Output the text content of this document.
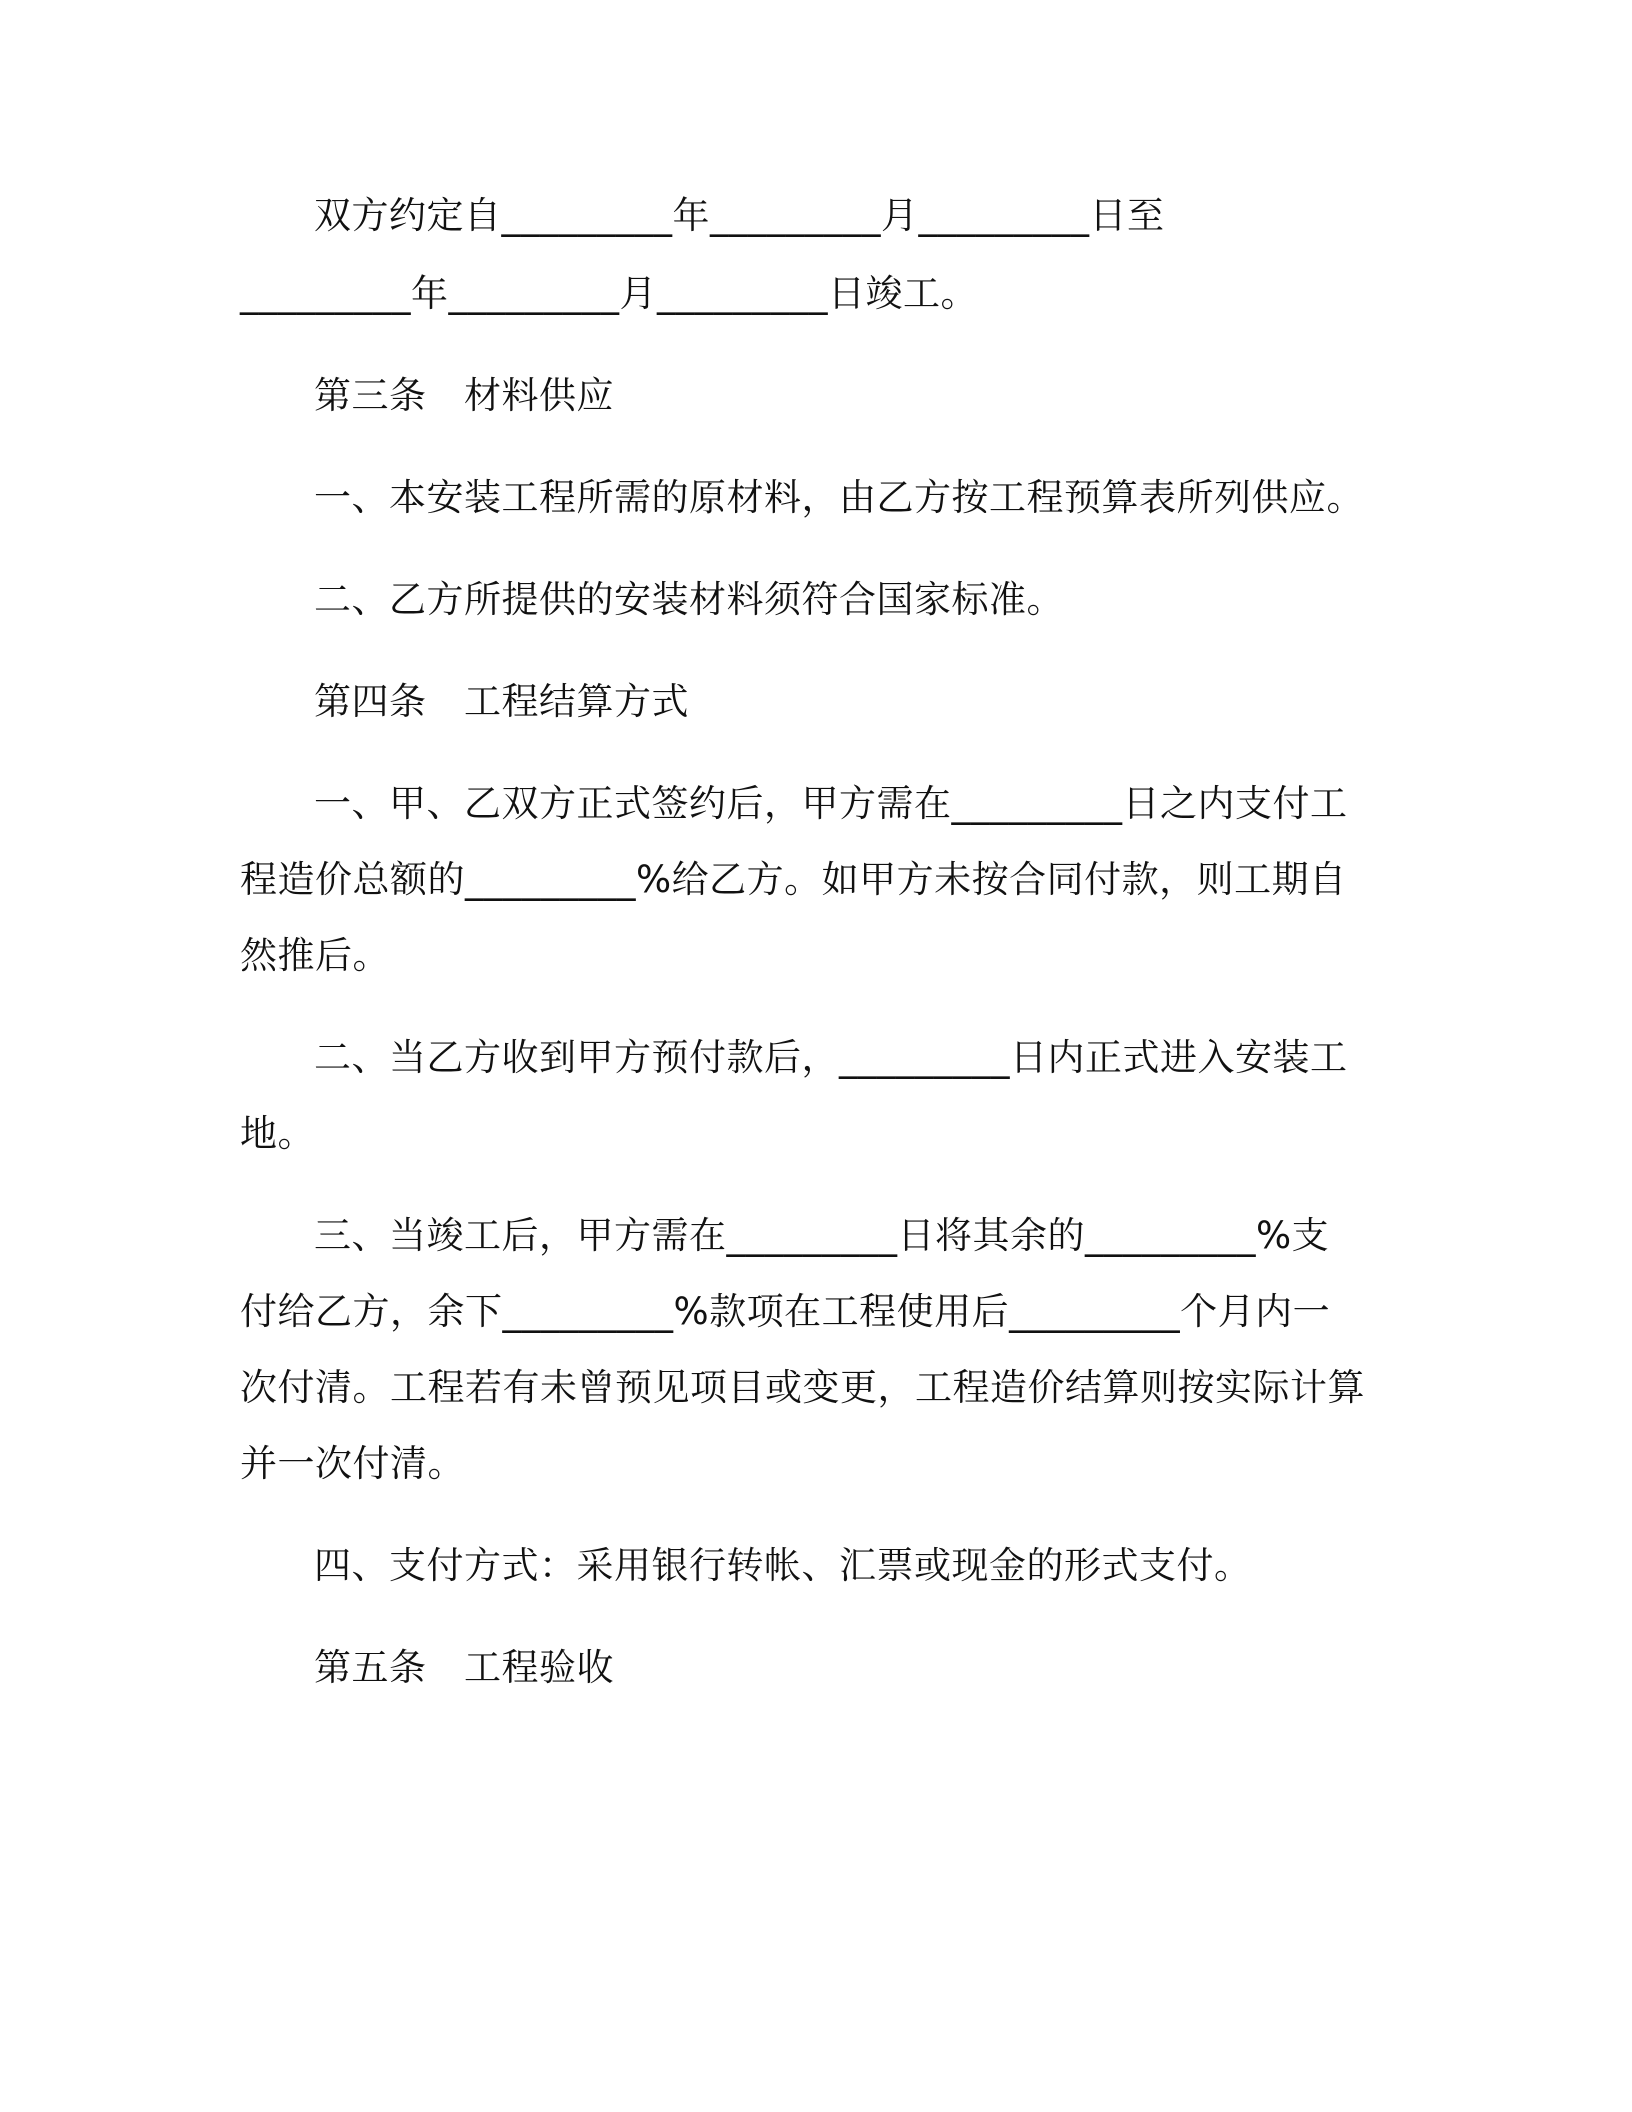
双方约定自_________年_________月_________日至
_________年_________月_________日竣工。
第三条　材料供应
一、本安装工程所需的原材料，由乙方按工程预算表所列供应。
二、乙方所提供的安装材料须符合国家标准。
第四条　工程结算方式
一、甲、乙双方正式签约后，甲方需在_________日之内支付工
程造价总额的_________%给乙方。如甲方未按合同付款，则工期自
然推后。
二、当乙方收到甲方预付款后，_________日内正式进入安装工
地。
三、当竣工后，甲方需在_________日将其余的_________%支
付给乙方，余下_________%款项在工程使用后_________个月内一
次付清。工程若有未曾预见项目或变更，工程造价结算则按实际计算
并一次付清。
四、支付方式：采用银行转帐、汇票或现金的形式支付。
第五条　工程验收
